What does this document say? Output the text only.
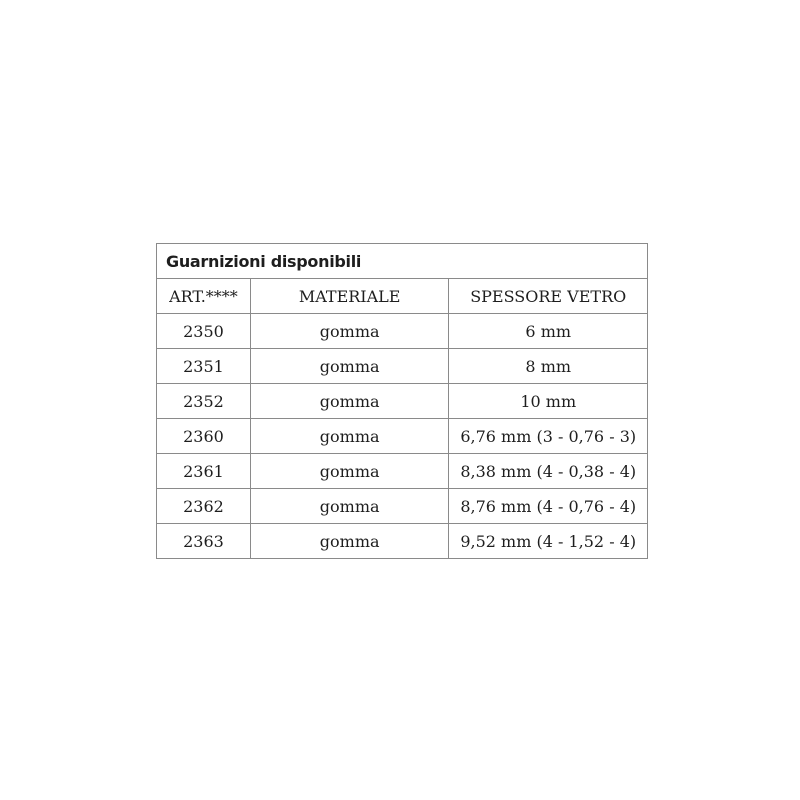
Guarnizioni disponibili		
ART.****	MATERIALE	SPESSORE VETRO
2350	gomma	6 mm
2351	gomma	8 mm
2352	gomma	10 mm
2360	gomma	6,76 mm (3 - 0,76 - 3)
2361	gomma	8,38 mm (4 - 0,38 - 4)
2362	gomma	8,76 mm (4 - 0,76 - 4)
2363	gomma	9,52 mm (4 - 1,52 - 4)
